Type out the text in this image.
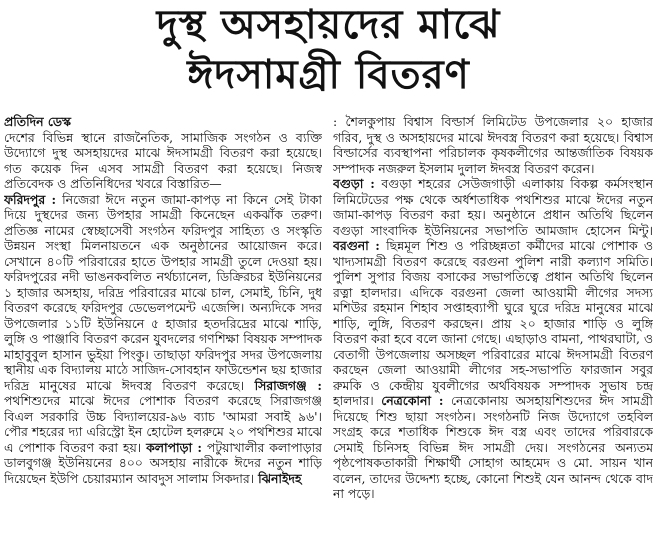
দুস্থ অসহায়দের মাঝে
ঈদসামগ্রী বিতরণ
প্রতিদিন ডেস্ক

দেশের বিভিন্ন স্থানে রাজনৈতিক, সামাজিক সংগঠন ও ব্যক্তি উদ্যোগে দুস্থ অসহায়দের মাঝে ঈদসামগ্রী বিতরণ করা হয়েছে। গত কয়েক দিন এসব সামগ্রী বিতরণ করা হয়েছে। নিজস্ব প্রতিবেদক ও প্রতিনিধিদের খবরে বিস্তারিত—

ফরিদপুর : নিজেরা ঈদে নতুন জামা-কাপড় না কিনে সেই টাকা দিয়ে দুস্থদের জন্য উপহার সামগ্রী কিনেছেন একঝাঁক তরুণ। প্রতিজ্ঞ নামের স্বেচ্ছাসেবী সংগঠন ফরিদপুর সাহিত্য ও সংস্কৃতি উন্নয়ন সংস্থা মিলনায়তনে এক অনুষ্ঠানের আয়োজন করে। সেখানে ৪০টি পরিবারের হাতে উপহার সামগ্রী তুলে দেওয়া হয়। ফরিদপুরের নদী ভাঙনকবলিত নর্থচ্যানেল, ডিক্রিরচর ইউনিয়নের ১ হাজার অসহায়, দরিদ্র পরিবারের মাঝে চাল, সেমাই, চিনি, দুধ বিতরণ করেছে ফরিদপুর ডেভেলপমেন্ট এজেন্সি। অন্যদিকে সদর উপজেলার ১১টি ইউনিয়নে ৫ হাজার হতদরিদ্রের মাঝে শাড়ি, লুঙ্গি ও পাঞ্জাবি বিতরণ করেন যুবদলের গণশিক্ষা বিষয়ক সম্পাদক মাহাবুবুল হাসান ভুইয়া পিংকু। তাছাড়া ফরিদপুর সদর উপজেলায় স্থানীয় এক বিদ্যালয় মাঠে সাজিদ-সোবহান ফাউন্ডেশন ছয় হাজার দরিদ্র মানুষের মাঝে ঈদবস্ত্র বিতরণ করেছে। সিরাজগঞ্জ : পথশিশুদের মাঝে ঈদের পোশাক বিতরণ করেছে সিরাজগঞ্জ বিএল সরকারি উচ্চ বিদ্যালয়ের-৯৬ ব্যাচ 'আমরা সবাই ৯৬'। পৌর শহরের দ্যা এরিস্ট্রো ইন হোটেল হলরুমে ২০ পথশিশুর মাঝে এ পোশাক বিতরণ করা হয়। কলাপাড়া : পটুয়াখালীর কলাপাড়ার ডালবুগঞ্জ ইউনিয়নের ৪০০ অসহায় নারীকে ঈদের নতুন শাড়ি দিয়েছেন ইউপি চেয়ারম্যান আবদুস সালাম সিকদার। ঝিনাইদহ

: শৈলকুপায় বিশ্বাস বিল্ডার্স লিমিটেড উপজেলার ২০ হাজার গরিব, দুস্থ ও অসহায়দের মাঝে ঈদবস্ত্র বিতরণ করা হয়েছে। বিশ্বাস বিল্ডার্সের ব্যবস্থাপনা পরিচালক কৃষকলীগের আন্তর্জাতিক বিষয়ক সম্পাদক নজরুল ইসলাম দুলাল ঈদবস্ত্র বিতরণ করেন।

বগুড়া : বগুড়া শহরের সেউজগাড়ী এলাকায় বিকল্প কর্মসংস্থান লিমিটেডের পক্ষ থেকে অর্ধশতাধিক পথশিশুর মাঝে ঈদের নতুন জামা-কাপড় বিতরণ করা হয়। অনুষ্ঠানে প্রধান অতিথি ছিলেন বগুড়া সাংবাদিক ইউনিয়নের সভাপতি আমজাদ হোসেন মিন্টু। বরগুনা : ছিন্নমূল শিশু ও পরিচ্ছন্নতা কর্মীদের মাঝে পোশাক ও খাদ্যসামগ্রী বিতরণ করেছে বরগুনা পুলিশ নারী কল্যাণ সমিতি। পুলিশ সুপার বিজয় বসাকের সভাপতিত্বে প্রধান অতিথি ছিলেন রত্না হালদার। এদিকে বরগুনা জেলা আওয়ামী লীগের সদস্য মশিউর রহমান শিহাব সপ্তাহব্যাপী ঘুরে ঘুরে দরিদ্র মানুষের মাঝে শাড়ি, লুঙ্গি, বিতরণ করছেন। প্রায় ২০ হাজার শাড়ি ও লুঙ্গি বিতরণ করা হবে বলে জানা গেছে। এছাড়াও বামনা, পাথরঘাটা, ও বেতাগী উপজেলায় অসচ্ছল পরিবারের মাঝে ঈদসামগ্রী বিতরণ করছেন জেলা আওয়ামী লীগের সহ-সভাপতি ফারজান সবুর রুমকি ও কেন্দ্রীয় যুবলীগের অর্থবিষয়ক সম্পাদক সুভাষ চন্দ্র হালদার। নেত্রকোনা : নেত্রকোনায় অসহায়শিশুদের ঈদ সামগ্রী দিয়েছে শিশু ছায়া সংগঠন। সংগঠনটি নিজ উদ্যোগে তহবিল সংগ্রহ করে শতাধিক শিশুকে ঈদ বস্ত্র এবং তাদের পরিবারকে সেমাই চিনিসহ বিভিন্ন ঈদ সামগ্রী দেয়। সংগঠনের অন্যতম পৃষ্ঠপোষকতাকারী শিক্ষার্থী সোহাগ আহমেদ ও মো. সায়ন খান বলেন, তাদের উদ্দেশ্য হচ্ছে, কোনো শিশুই যেন আনন্দ থেকে বাদ না পড়ে।
